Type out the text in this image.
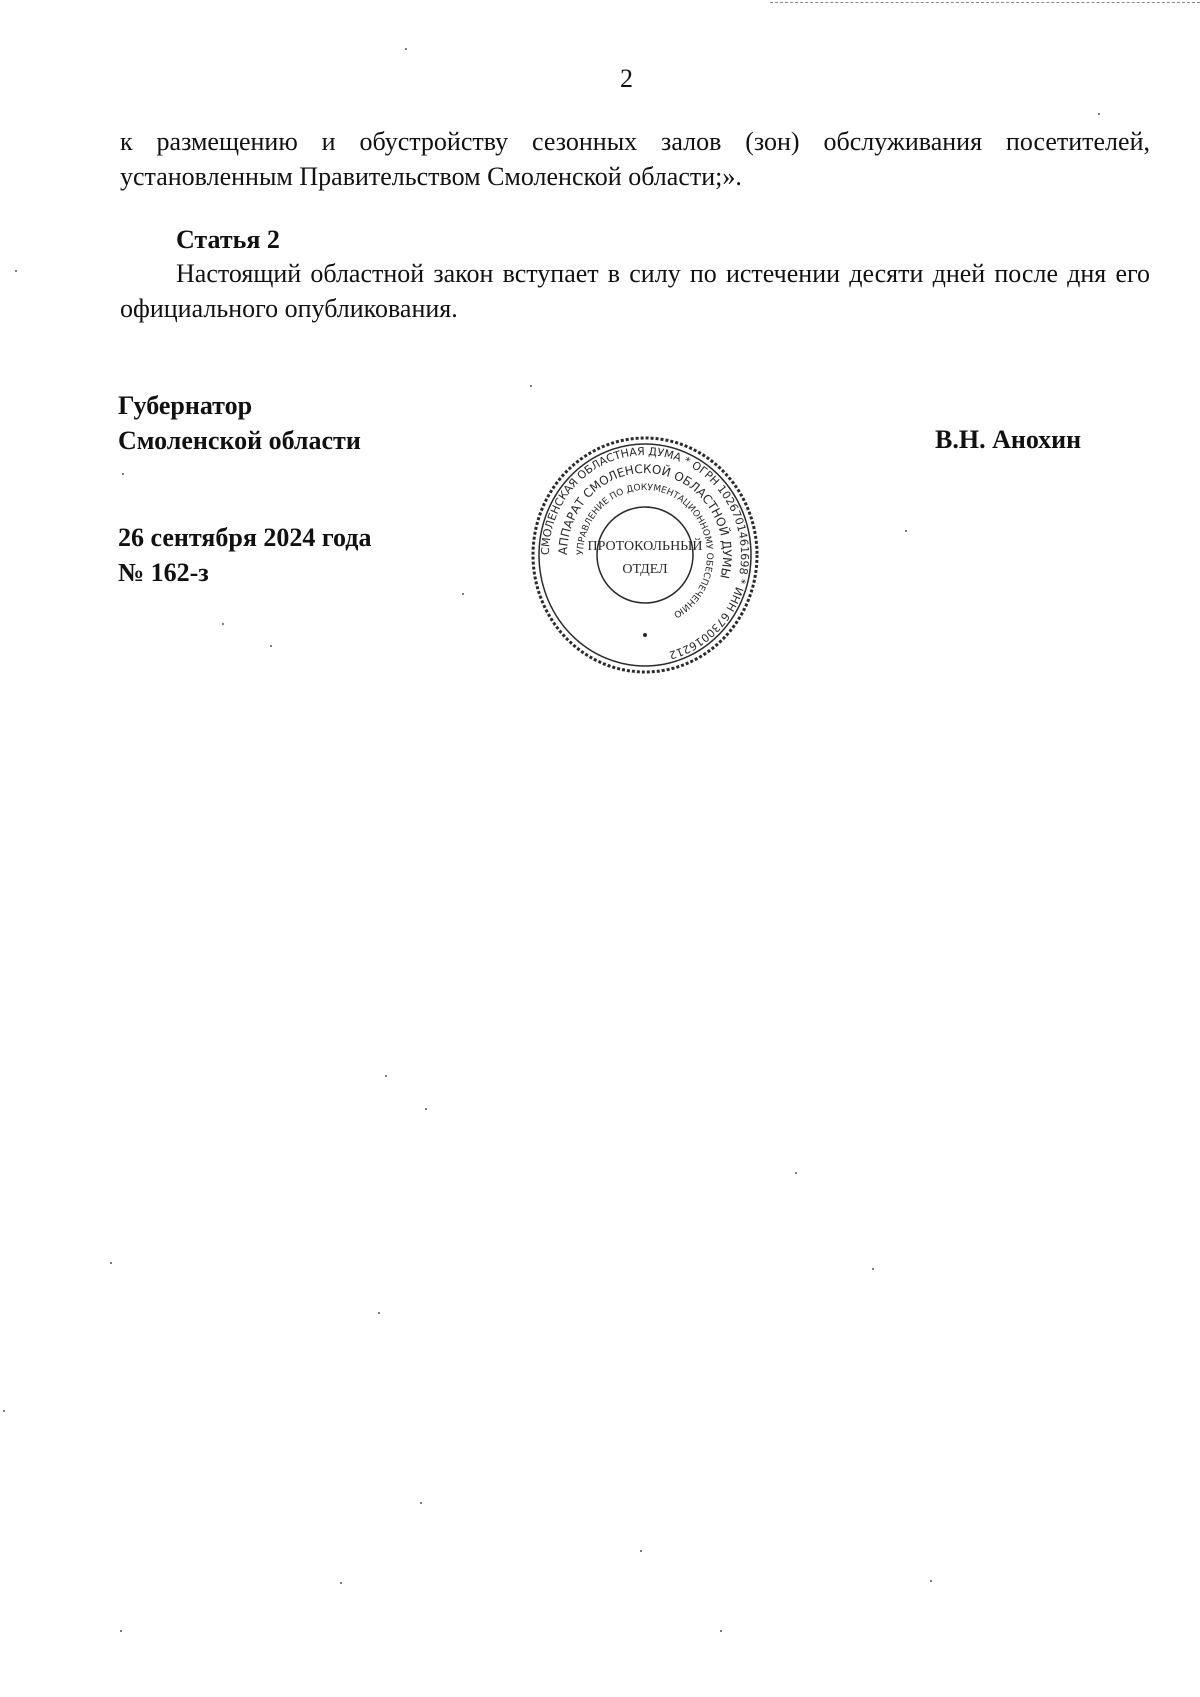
2
к размещению и обустройству сезонных залов (зон) обслуживания посетителей, установленным Правительством Смоленской области;».
Статья 2
Настоящий областной закон вступает в силу по истечении десяти дней после дня его официального опубликования.
Губернатор
Смоленской области	В.Н. Анохин
26 сентября 2024 года
№ 162-з
СМОЛЕНСКАЯ ОБЛАСТНАЯ ДУМА * ОГРН 1026701461698 * ИНН 6730016212
АППАРАТ СМОЛЕНСКОЙ ОБЛАСТНОЙ ДУМЫ
УПРАВЛЕНИЕ ПО ДОКУМЕНТАЦИОННОМУ ОБЕСПЕЧЕНИЮ
ПРОТОКОЛЬНЫЙ
ОТДЕЛ
